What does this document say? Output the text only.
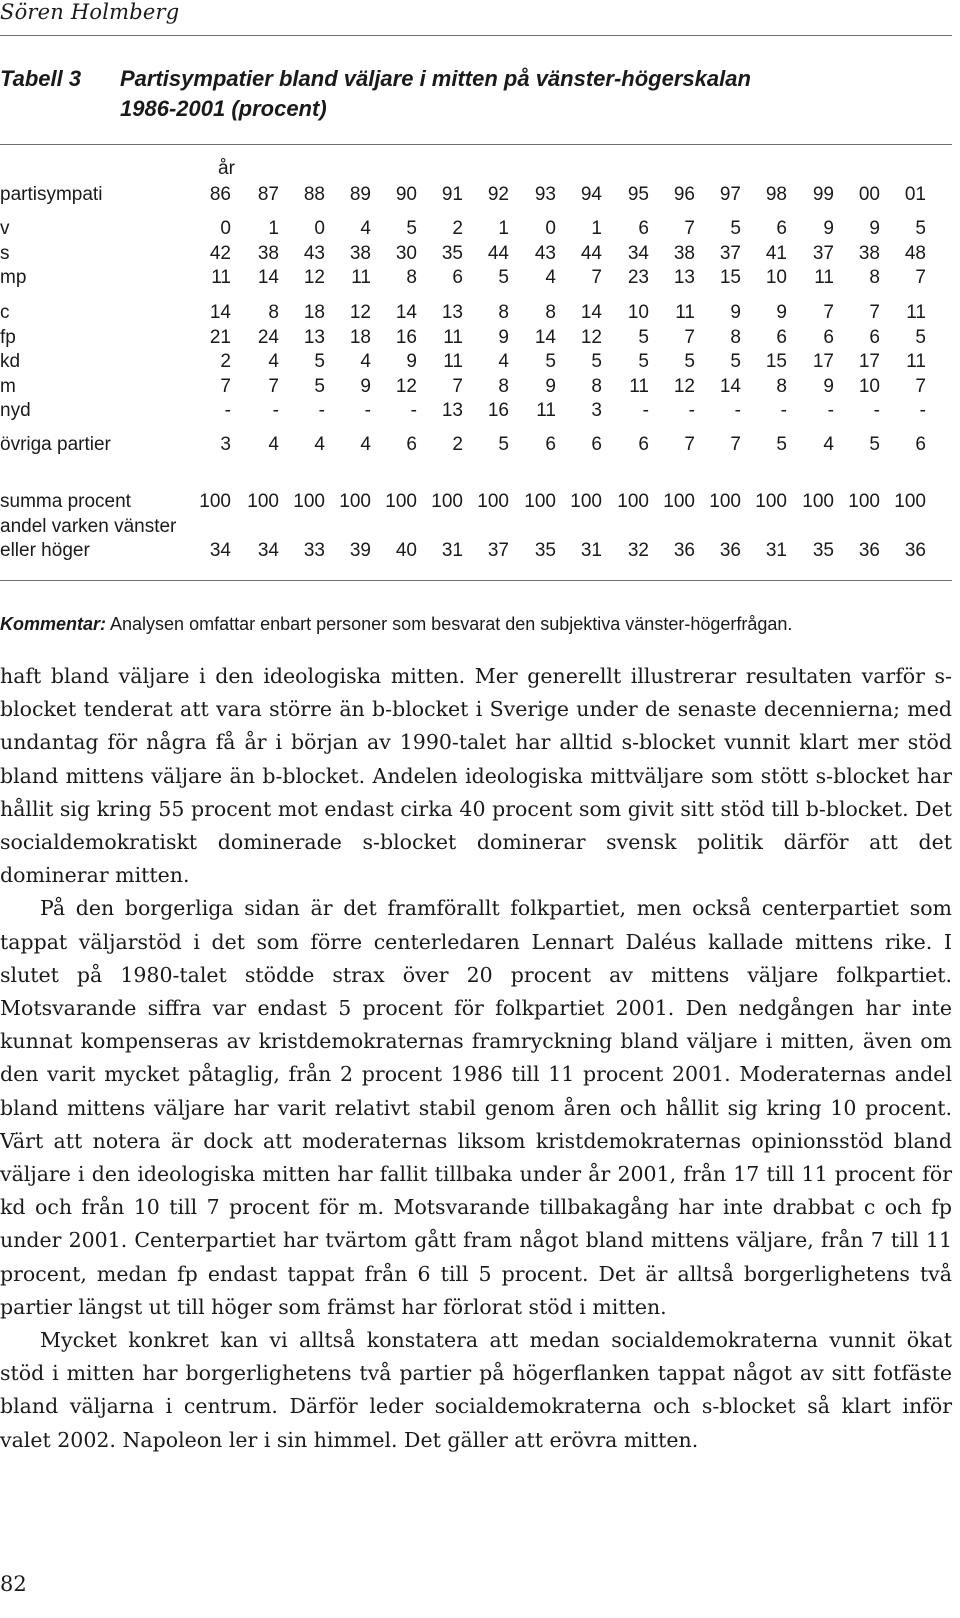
Sören Holmberg
Tabell 3 Partisympatier bland väljare i mitten på vänster-högerskalan
1986-2001 (procent)
år
partisympati	86	87	88	89	90	91	92	93	94	95	96	97	98	99	00	01
v	0	1	0	4	5	2	1	0	1	6	7	5	6	9	9	5
s	42	38	43	38	30	35	44	43	44	34	38	37	41	37	38	48
mp	11	14	12	11	8	6	5	4	7	23	13	15	10	11	8	7
c	14	8	18	12	14	13	8	8	14	10	11	9	9	7	7	11
fp	21	24	13	18	16	11	9	14	12	5	7	8	6	6	6	5
kd	2	4	5	4	9	11	4	5	5	5	5	5	15	17	17	11
m	7	7	5	9	12	7	8	9	8	11	12	14	8	9	10	7
nyd	-	-	-	-	-	13	16	11	3	-	-	-	-	-	-	-
övriga partier	3	4	4	4	6	2	5	6	6	6	7	7	5	4	5	6
summa procent	100 100 100 100 100 100 100 100 100 100 100 100 100 100 100 100
andel varken vänster
eller höger	34	34	33	39	40	31	37	35	31	32	36	36	31	35	36	36
Kommentar: Analysen omfattar enbart personer som besvarat den subjektiva vänster-högerfrågan.

haft bland väljare i den ideologiska mitten. Mer generellt illustrerar resultaten varför s-blocket tenderat att vara större än b-blocket i Sverige under de senaste decennierna; med undantag för några få år i början av 1990-talet har alltid s-blocket vunnit klart mer stöd bland mittens väljare än b-blocket. Andelen ideologiska mittväljare som stött s-blocket har hållit sig kring 55 procent mot endast cirka 40 procent som givit sitt stöd till b-blocket. Det socialdemokratiskt dominerade s-blocket dominerar svensk politik därför att det dominerar mitten.

På den borgerliga sidan är det framförallt folkpartiet, men också centerpartiet som tappat väljarstöd i det som förre centerledaren Lennart Daléus kallade mittens rike. I slutet på 1980-talet stödde strax över 20 procent av mittens väljare folkpartiet. Motsvarande siffra var endast 5 procent för folkpartiet 2001. Den nedgången har inte kunnat kompenseras av kristdemokraternas framryckning bland väljare i mitten, även om den varit mycket påtaglig, från 2 procent 1986 till 11 procent 2001. Moderaternas andel bland mittens väljare har varit relativt stabil genom åren och hållit sig kring 10 procent. Värt att notera är dock att moderaternas liksom kristdemokraternas opinionsstöd bland väljare i den ideologiska mitten har fallit tillbaka under år 2001, från 17 till 11 procent för kd och från 10 till 7 procent för m. Motsvarande tillbakagång har inte drabbat c och fp under 2001. Centerpartiet har tvärtom gått fram något bland mittens väljare, från 7 till 11 procent, medan fp endast tappat från 6 till 5 procent. Det är alltså borgerlighetens två partier längst ut till höger som främst har förlorat stöd i mitten.

Mycket konkret kan vi alltså konstatera att medan socialdemokraterna vunnit ökat stöd i mitten har borgerlighetens två partier på högerflanken tappat något av sitt fotfäste bland väljarna i centrum. Därför leder socialdemokraterna och s-blocket så klart inför valet 2002. Napoleon ler i sin himmel. Det gäller att erövra mitten.

82
